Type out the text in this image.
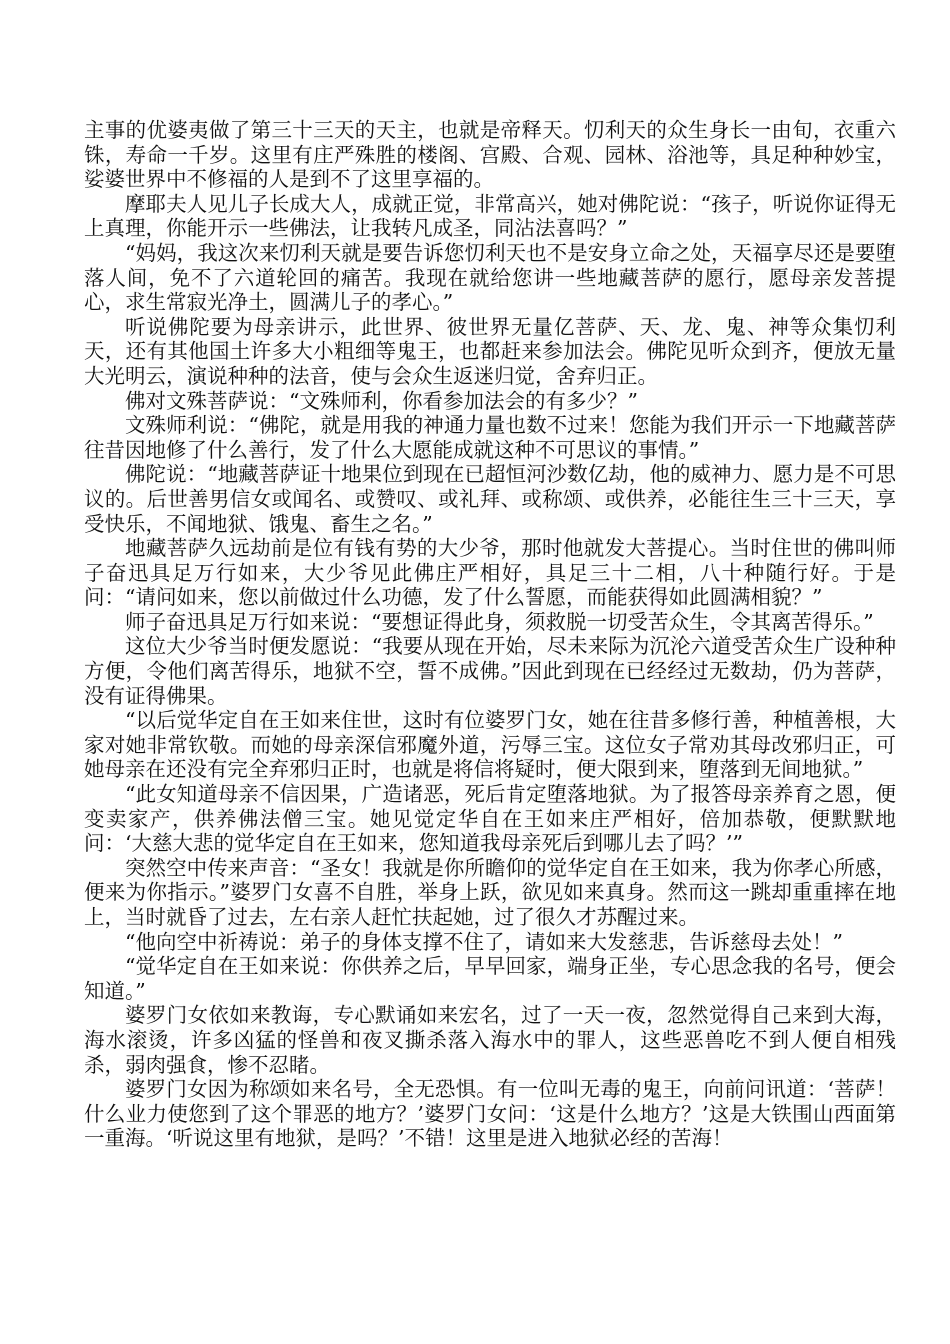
主事的优婆夷做了第三十三天的天主，也就是帝释天。忉利天的众生身长一由旬，衣重六铢，寿命一千岁。这里有庄严殊胜的楼阁、宫殿、合观、园林、浴池等，具足种种妙宝，娑婆世界中不修福的人是到不了这里享福的。

摩耶夫人见儿子长成大人，成就正觉，非常高兴，她对佛陀说：“孩子，听说你证得无上真理，你能开示一些佛法，让我转凡成圣，同沾法喜吗？”

“妈妈，我这次来忉利天就是要告诉您忉利天也不是安身立命之处，天福享尽还是要堕落人间，免不了六道轮回的痛苦。我现在就给您讲一些地藏菩萨的愿行，愿母亲发菩提心，求生常寂光净土，圆满儿子的孝心。”

听说佛陀要为母亲讲示，此世界、彼世界无量亿菩萨、天、龙、鬼、神等众集忉利天，还有其他国土许多大小粗细等鬼王，也都赶来参加法会。佛陀见听众到齐，便放无量大光明云，演说种种的法音，使与会众生返迷归觉，舍弃归正。

佛对文殊菩萨说：“文殊师利，你看参加法会的有多少？”

文殊师利说：“佛陀，就是用我的神通力量也数不过来！您能为我们开示一下地藏菩萨往昔因地修了什么善行，发了什么大愿能成就这种不可思议的事情。”

佛陀说：“地藏菩萨证十地果位到现在已超恒河沙数亿劫，他的威神力、愿力是不可思议的。后世善男信女或闻名、或赞叹、或礼拜、或称颂、或供养，必能往生三十三天，享受快乐，不闻地狱、饿鬼、畜生之名。”

地藏菩萨久远劫前是位有钱有势的大少爷，那时他就发大菩提心。当时住世的佛叫师子奋迅具足万行如来，大少爷见此佛庄严相好，具足三十二相，八十种随行好。于是问：“请问如来，您以前做过什么功德，发了什么誓愿，而能获得如此圆满相貌？”

师子奋迅具足万行如来说：“要想证得此身，须救脱一切受苦众生，令其离苦得乐。”

这位大少爷当时便发愿说：“我要从现在开始，尽未来际为沉沦六道受苦众生广设种种方便，令他们离苦得乐，地狱不空，誓不成佛。”因此到现在已经经过无数劫，仍为菩萨，没有证得佛果。

“以后觉华定自在王如来住世，这时有位婆罗门女，她在往昔多修行善，种植善根，大家对她非常钦敬。而她的母亲深信邪魔外道，污辱三宝。这位女子常劝其母改邪归正，可她母亲在还没有完全弃邪归正时，也就是将信将疑时，便大限到来，堕落到无间地狱。”

“此女知道母亲不信因果，广造诸恶，死后肯定堕落地狱。为了报答母亲养育之恩，便变卖家产，供养佛法僧三宝。她见觉定华自在王如来庄严相好，倍加恭敬，便默默地问：‘大慈大悲的觉华定自在王如来，您知道我母亲死后到哪儿去了吗？’”

突然空中传来声音：“圣女！我就是你所瞻仰的觉华定自在王如来，我为你孝心所感，便来为你指示。”婆罗门女喜不自胜，举身上跃，欲见如来真身。然而这一跳却重重摔在地上，当时就昏了过去，左右亲人赶忙扶起她，过了很久才苏醒过来。

“他向空中祈祷说：弟子的身体支撑不住了，请如来大发慈悲，告诉慈母去处！”

“觉华定自在王如来说：你供养之后，早早回家，端身正坐，专心思念我的名号，便会知道。”

婆罗门女依如来教诲，专心默诵如来宏名，过了一天一夜，忽然觉得自己来到大海，海水滚烫，许多凶猛的怪兽和夜叉撕杀落入海水中的罪人，这些恶兽吃不到人便自相残杀，弱肉强食，惨不忍睹。

婆罗门女因为称颂如来名号，全无恐惧。有一位叫无毒的鬼王，向前问讯道：‘菩萨！什么业力使您到了这个罪恶的地方？’婆罗门女问：‘这是什么地方？’这是大铁围山西面第一重海。‘听说这里有地狱，是吗？’不错！这里是进入地狱必经的苦海！
